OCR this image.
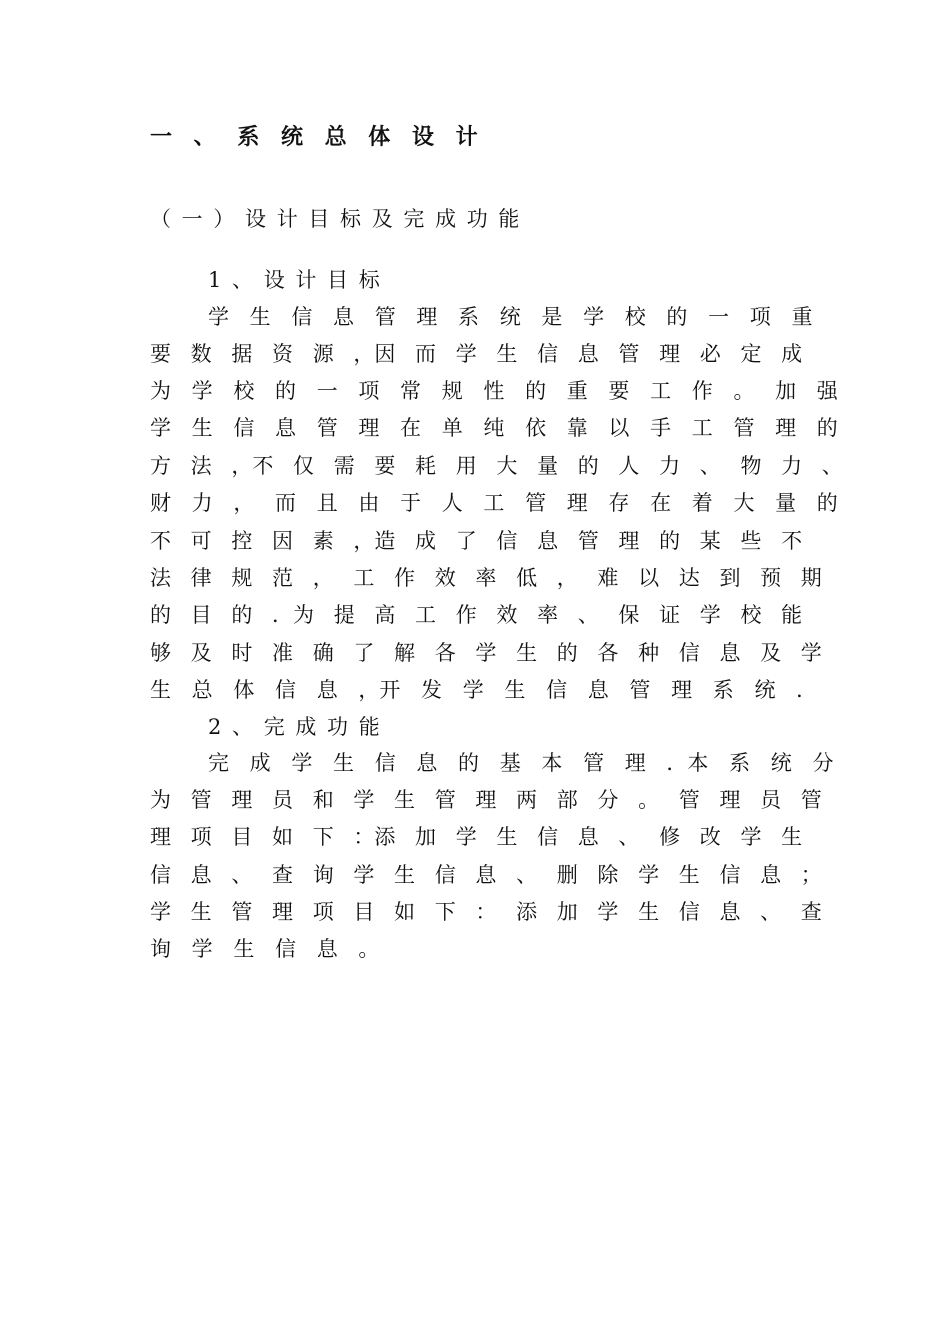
一 、 系 统 总 体 设 计
（ 一 ） 设 计 目 标 及 完 成 功 能
1 、 设 计 目 标
学 生 信 息 管 理 系 统 是 学 校 的 一 项 重
要 数 据 资 源 ，因 而 学 生 信 息 管 理 必 定 成
为 学 校 的 一 项 常 规 性 的 重 要 工 作 。 加 强
学 生 信 息 管 理 在 单 纯 依 靠 以 手 工 管 理 的
方 法 ，不 仅 需 要 耗 用 大 量 的 人 力 、 物 力 、
财 力 ， 而 且 由 于 人 工 管 理 存 在 着 大 量 的
不 可 控 因 素 ，造 成 了 信 息 管 理 的 某 些 不
法 律 规 范 ， 工 作 效 率 低 ， 难 以 达 到 预 期
的 目 的 ．为 提 高 工 作 效 率 、 保 证 学 校 能
够 及 时 准 确 了 解 各 学 生 的 各 种 信 息 及 学
生 总 体 信 息 ，开 发 学 生 信 息 管 理 系 统 ．
2 、 完 成 功 能
完 成 学 生 信 息 的 基 本 管 理 ．本 系 统 分
为 管 理 员 和 学 生 管 理 两 部 分 。 管 理 员 管
理 项 目 如 下 ：添 加 学 生 信 息 、 修 改 学 生
信 息 、 查 询 学 生 信 息 、 删 除 学 生 信 息 ；
学 生 管 理 项 目 如 下 ： 添 加 学 生 信 息 、 查
询 学 生 信 息 。
